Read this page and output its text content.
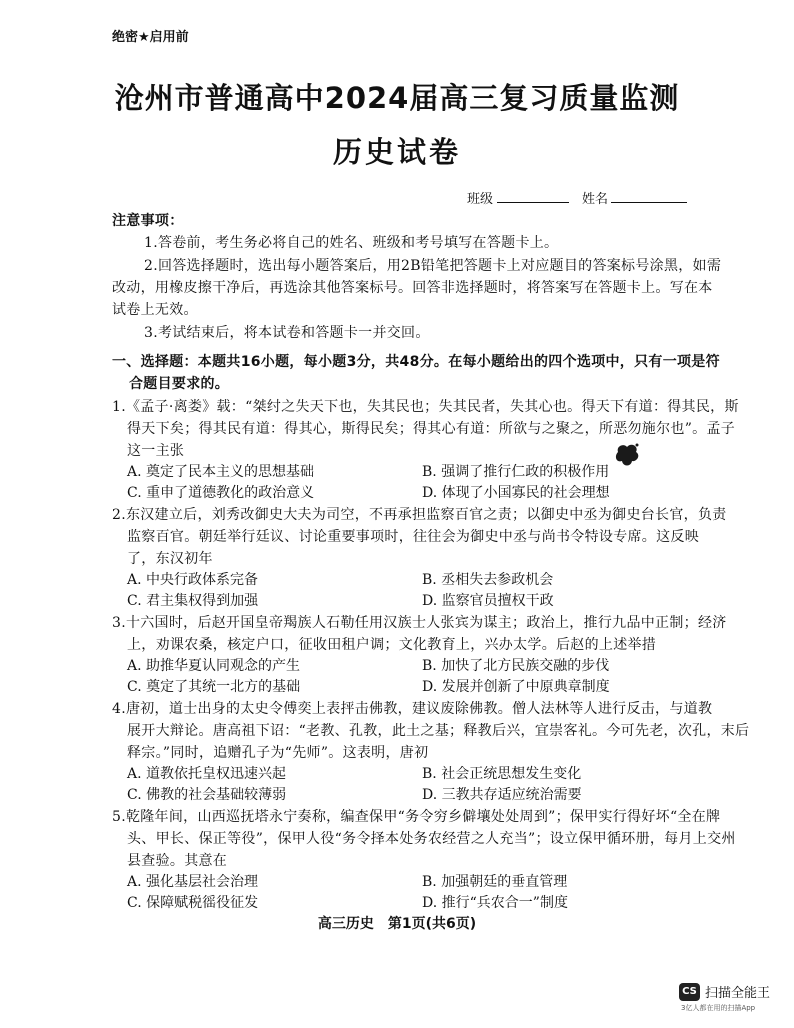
绝密★启用前
沧州市普通高中2024届高三复习质量监测
历史试卷
班级	姓名
注意事项：
1.答卷前，考生务必将自己的姓名、班级和考号填写在答题卡上。
2.回答选择题时，选出每小题答案后，用2B铅笔把答题卡上对应题目的答案标号涂黑，如需
改动，用橡皮擦干净后，再选涂其他答案标号。回答非选择题时，将答案写在答题卡上。写在本
试卷上无效。
3.考试结束后，将本试卷和答题卡一并交回。
一、选择题：本题共16小题，每小题3分，共48分。在每小题给出的四个选项中，只有一项是符
合题目要求的。
1.《孟子·离娄》载：“桀纣之失天下也，失其民也；失其民者，失其心也。得天下有道：得其民，斯
得天下矣；得其民有道：得其心，斯得民矣；得其心有道：所欲与之聚之，所恶勿施尔也”。孟子
这一主张
A. 奠定了民本主义的思想基础	B. 强调了推行仁政的积极作用
C. 重申了道德教化的政治意义	D. 体现了小国寡民的社会理想
2.东汉建立后，刘秀改御史大夫为司空，不再承担监察百官之责；以御史中丞为御史台长官，负责
监察百官。朝廷举行廷议、讨论重要事项时，往往会为御史中丞与尚书令特设专席。这反映
了，东汉初年
A. 中央行政体系完备	B. 丞相失去参政机会
C. 君主集权得到加强	D. 监察官员擅权干政
3.十六国时，后赵开国皇帝羯族人石勒任用汉族士人张宾为谋主；政治上，推行九品中正制；经济
上，劝课农桑，核定户口，征收田租户调；文化教育上，兴办太学。后赵的上述举措
A. 助推华夏认同观念的产生	B. 加快了北方民族交融的步伐
C. 奠定了其统一北方的基础	D. 发展并创新了中原典章制度
4.唐初，道士出身的太史令傅奕上表抨击佛教，建议废除佛教。僧人法林等人进行反击，与道教
展开大辩论。唐高祖下诏：“老教、孔教，此土之基；释教后兴，宜崇客礼。今可先老，次孔，末后
释宗。”同时，追赠孔子为“先师”。这表明，唐初
A. 道教依托皇权迅速兴起	B. 社会正统思想发生变化
C. 佛教的社会基础较薄弱	D. 三教共存适应统治需要
5.乾隆年间，山西巡抚塔永宁奏称，编查保甲“务令穷乡僻壤处处周到”；保甲实行得好坏“全在牌
头、甲长、保正等役”，保甲人役“务令择本处务农经营之人充当”；设立保甲循环册，每月上交州
县查验。其意在
A. 强化基层社会治理	B. 加强朝廷的垂直管理
C. 保障赋税徭役征发	D. 推行“兵农合一”制度
高三历史　第1页(共6页)
CS 扫描全能王
3亿人都在用的扫描App
